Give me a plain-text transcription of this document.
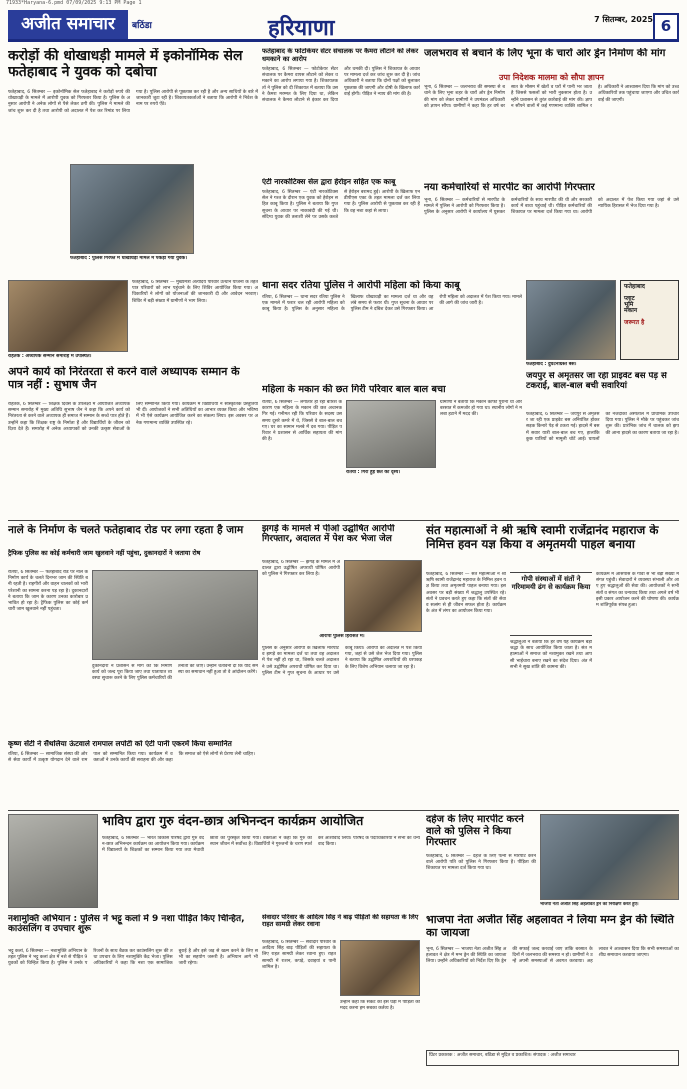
71933*Haryana-6.pmd 07/09/2025 9:13 PM Page 1
अजीत समाचार	बठिंडा	हरियाणा	7 सितम्बर, 2025 6
करोड़ों की धोखाधड़ी मामले में इकोनॉमिक सेल फतेहाबाद ने युवक को दबोचा
फतेहाबाद, 6 सितम्बर — इकोनॉमिक सेल फतेहाबाद ने करोड़ों रुपये की धोखाधड़ी के मामले में आरोपी युवक को गिरफ्तार किया है। पुलिस के अनुसार आरोपी ने अनेक लोगों से पैसे लेकर ठगी की। पुलिस ने मामले की जांच शुरू कर दी है तथा आरोपी को अदालत में पेश कर रिमांड पर लिया गया है। पुलिस आरोपी से पूछताछ कर रही है और अन्य साथियों के बारे में जानकारी जुटा रही है। शिकायतकर्ताओं ने बताया कि आरोपी ने निवेश के नाम पर रुपये ऐंठे।
फतेहाबाद : पुलिस गिरफ्त में धोखाधड़ी मामले में पकड़ा गया युवक।
फतेहाबाद के फोटोकेयर सेंटर संचालक पर कैमरा लौटाने को लेकर धमकाने का आरोप
फतेहाबाद, 6 सितम्बर — फोटोकेयर सेंटर संचालक पर कैमरा वापस लौटाने को लेकर धमकाने का आरोप लगाया गया है। शिकायतकर्ता ने पुलिस को दी शिकायत में बताया कि उसने कैमरा मरम्मत के लिए दिया था, लेकिन संचालक ने कैमरा लौटाने से इंकार कर दिया और धमकी दी। पुलिस ने शिकायत के आधार पर मामला दर्ज कर जांच शुरू कर दी है। जांच अधिकारी ने बताया कि दोनों पक्षों को बुलाकर पूछताछ की जाएगी और दोषी के खिलाफ कार्रवाई होगी। पीड़ित ने न्याय की मांग की है।
एंटी नारकोटिक्स सेल द्वारा हेरोइन सहित एक काबू
फतेहाबाद, 6 सितम्बर — एंटी नारकोटिक्स सेल ने गश्त के दौरान एक युवक को हेरोइन सहित काबू किया है। पुलिस ने बताया कि गुप्त सूचना के आधार पर नाकाबंदी की गई थी। संदिग्ध युवक की तलाशी लेने पर उसके कब्जे से हेरोइन बरामद हुई। आरोपी के खिलाफ एनडीपीएस एक्ट के तहत मामला दर्ज कर लिया गया है। पुलिस आरोपी से पूछताछ कर रही है कि वह नशा कहां से लाया।
जलभराव से बचाने के लिए भूना के चारों ओर ड्रेन निर्माण की मांग
उपा निदेशक मालमा को सौपा ज्ञापन
भूना, 6 सितम्बर — जलभराव की समस्या से बचाने के लिए भूना शहर के चारों ओर ड्रेन निर्माण की मांग को लेकर ग्रामीणों ने उपमंडल अधिकारी को ज्ञापन सौंपा। ग्रामीणों ने कहा कि हर वर्ष बरसात के मौसम में खेतों व घरों में पानी भर जाता है जिससे फसलों को भारी नुकसान होता है। उन्होंने प्रशासन से तुरंत कार्रवाई की मांग की। ज्ञापन सौंपने वालों में कई गणमान्य व्यक्ति शामिल रहे। अधिकारी ने आश्वासन दिया कि मांग को उच्च अधिकारियों तक पहुंचाया जाएगा और उचित कार्रवाई की जाएगी।
नया कर्मचारियों से मारपीट का आरोपी गिरफ्तार
भूना, 6 सितम्बर — कर्मचारियों से मारपीट के मामले में पुलिस ने आरोपी को गिरफ्तार किया है। पुलिस के अनुसार आरोपी ने कार्यालय में घुसकर कर्मचारियों के साथ मारपीट की थी और सरकारी कार्य में बाधा पहुंचाई थी। पीड़ित कर्मचारियों की शिकायत पर मामला दर्ज किया गया था। आरोपी को अदालत में पेश किया गया जहां से उसे न्यायिक हिरासत में भेज दिया गया है।
रोहतक : अध्यापक सम्मान समारोह में उपस्थित।
अपने कार्य को निरंतरता से करने वाले अध्यापक सम्मान के पात्र नहीं : सुभाष जैन
रोहतक, 6 सितम्बर — शिक्षक दिवस के उपलक्ष्य में आयोजित अध्यापक सम्मान समारोह में मुख्य अतिथि सुभाष जैन ने कहा कि अपने कार्य को निरंतरता से करने वाले अध्यापक ही समाज में सम्मान के सच्चे पात्र होते हैं। उन्होंने कहा कि शिक्षक राष्ट्र के निर्माता हैं और विद्यार्थियों के जीवन को दिशा देते हैं। समारोह में अनेक अध्यापकों को उनकी उत्कृष्ट सेवाओं के लिए सम्मानित किया गया। कार्यक्रम में विद्यार्थियों ने सांस्कृतिक प्रस्तुतियां भी दीं। आयोजकों ने सभी अतिथियों का आभार व्यक्त किया और भविष्य में भी ऐसे कार्यक्रम आयोजित करने का संकल्प लिया। इस अवसर पर अनेक गणमान्य व्यक्ति उपस्थित रहे।
फतेहाबाद, 6 सितम्बर — मुख्यमंत्री अंत्योदय परिवार उत्थान योजना के तहत पात्र परिवारों को लाभ पहुंचाने के लिए शिविर आयोजित किया गया। अधिकारियों ने लोगों को योजनाओं की जानकारी दी और आवेदन भरवाए। शिविर में बड़ी संख्या में ग्रामीणों ने भाग लिया।
थाना सदर रतिया पुलिस ने आरोपी महिला को किया काबू
रतिया, 6 सितम्बर — थाना सदर रतिया पुलिस ने एक मामले में फरार चल रही आरोपी महिला को काबू किया है। पुलिस के अनुसार महिला के खिलाफ धोखाधड़ी का मामला दर्ज था और वह लंबे समय से फरार थी। गुप्त सूचना के आधार पर पुलिस टीम ने दबिश देकर उसे गिरफ्तार किया। आरोपी महिला को अदालत में पेश किया गया। मामले की आगे की जांच जारी है।
महिला के मकान की छत गिरी परिवार बाल बाल बचा
रतिया, 6 सितम्बर — लगातार हो रही बारिश के कारण एक महिला के मकान की छत अचानक गिर गई। गनीमत रही कि परिवार के सदस्य उस समय दूसरे कमरे में थे, जिससे वे बाल-बाल बच गए। घर का सामान मलबे में दब गया। पीड़ित परिवार ने प्रशासन से आर्थिक सहायता की मांग की है।
रतिया : गिरी हुई छत का दृश्य।
ग्रामीणों ने बताया कि मकान काफी पुराना था और बरसात में कमजोर हो गया था। स्थानीय लोगों ने मलबा हटाने में मदद की।
फतेहाबाद
प्लाट
भूमि
मकान
जरूरत है
फतेहाबाद : दुर्घटनाग्रस्त बस।
जयपुर से अमृतसर जा रही प्राइवेट बस पेड़ से टकराई, बाल-बाल बची सवारियां
फतेहाबाद, 6 सितम्बर — जयपुर से अमृतसर जा रही एक प्राइवेट बस अनियंत्रित होकर सड़क किनारे पेड़ से टकरा गई। हादसे में बस में सवार यात्री बाल-बाल बच गए, हालांकि कुछ यात्रियों को मामूली चोटें आईं। घायलों को नजदीकी अस्पताल में प्राथमिक उपचार दिया गया। पुलिस ने मौके पर पहुंचकर जांच शुरू की। प्रारंभिक जांच में चालक को झपकी आना हादसे का कारण बताया जा रहा है।
नाले के निर्माण के चलते फतेहाबाद रोड पर लगा रहता है जाम
ट्रैफिक पुलिस का कोई कर्मचारी जाम खुलवाने नहीं पहुंचा, दुकानदारों ने जताया रोष
रतिया, 6 सितम्बर — फतेहाबाद रोड पर नाले के निर्माण कार्य के चलते दिनभर जाम की स्थिति बनी रहती है। राहगीरों और वाहन चालकों को भारी परेशानी का सामना करना पड़ रहा है। दुकानदारों ने बताया कि जाम के कारण उनका कारोबार प्रभावित हो रहा है। ट्रैफिक पुलिस का कोई कर्मचारी जाम खुलवाने नहीं पहुंचता।
दुकानदारों ने प्रशासन से मांग की कि निर्माण कार्य को जल्द पूरा किया जाए तथा यातायात व्यवस्था सुचारू करने के लिए पुलिस कर्मचारियों की तैनाती की जाए। उन्होंने चेतावनी दी कि यदि समस्या का समाधान नहीं हुआ तो वे आंदोलन करेंगे।
कृष्ण सेंटी ने सैंथलिया ऊंटवाले रामपाल लपोटी को एंटी पानी एकरमें किया सम्मानित
रतिया, 6 सितम्बर — सामाजिक संस्था की ओर से सेवा कार्यों में उत्कृष्ट योगदान देने वाले रामपाल को सम्मानित किया गया। कार्यक्रम में वक्ताओं ने उनके कार्यों की सराहना की और कहा कि समाज को ऐसे लोगों से प्रेरणा लेनी चाहिए।
झगड़े के मामले में पीओ उद्घोषित आरोपी गिरफ्तार, अदालत में पेश कर भेजा जेल
फतेहाबाद, 6 सितम्बर — झगड़े के मामले में अदालत द्वारा उद्घोषित अपराधी घोषित आरोपी को पुलिस ने गिरफ्तार कर लिया है।
आरोपी पुलिस हिरासत में।
पुलिस के अनुसार आरोपी के खिलाफ मारपीट व झगड़े का मामला दर्ज था तथा वह अदालत में पेश नहीं हो रहा था, जिसके चलते अदालत ने उसे उद्घोषित अपराधी घोषित कर दिया था। पुलिस टीम ने गुप्त सूचना के आधार पर उसे काबू किया। आरोपी को अदालत में पेश किया गया, जहां से उसे जेल भेज दिया गया। पुलिस ने बताया कि उद्घोषित अपराधियों की धरपकड़ के लिए विशेष अभियान चलाया जा रहा है।
संत महात्माओं ने श्री ऋषि स्वामी राजेंद्रानंद महाराज के निमित्त हवन यज्ञ किया व अमृतमयी पाहल बनाया
फतेहाबाद, 6 सितम्बर — संत महात्माओं ने श्री ऋषि स्वामी राजेंद्रानंद महाराज के निमित्त हवन यज्ञ किया तथा अमृतमयी पाहल बनाया गया। इस अवसर पर बड़ी संख्या में श्रद्धालु उपस्थित रहे। संतों ने प्रवचन करते हुए कहा कि संतों की सेवा व सत्संग से ही जीवन सफल होता है। कार्यक्रम के अंत में लंगर का आयोजन किया गया।
गोपी संस्थाओं में संतों ने गरिमामयी ढंग से कार्यक्रम किया
श्रद्धालुओं ने बताया कि हर वर्ष यह कार्यक्रम बड़ी श्रद्धा के साथ आयोजित किया जाता है। संत महात्माओं ने समाज को नशामुक्त रखने तथा आपसी भाईचारा बनाए रखने का संदेश दिया। अंत में सभी ने सुख शांति की कामना की।
कार्यक्रम में आसपास के गांवों से भी बड़ी संख्या में संगत पहुंची। सेवादारों ने व्यवस्था संभाली और आए हुए श्रद्धालुओं की सेवा की। आयोजकों ने सभी संतों व संगत का धन्यवाद किया तथा अगले वर्ष भी इसी प्रकार आयोजन करने की घोषणा की। कार्यक्रम शांतिपूर्वक संपन्न हुआ।
भाविप द्वारा गुरु वंदन-छात्र अभिनन्दन कार्यक्रम आयोजित
फतेहाबाद, 6 सितम्बर — भारत विकास परिषद द्वारा गुरु वंदन-छात्र अभिनन्दन कार्यक्रम का आयोजन किया गया। कार्यक्रम में विद्यालयों के शिक्षकों का सम्मान किया गया तथा मेधावी छात्रों को पुरस्कृत किया गया। वक्ताओं ने कहा कि गुरु का स्थान जीवन में सर्वोच्च है। विद्यार्थियों ने गुरुजनों के चरण स्पर्श कर आशीर्वाद लिया। परिषद के पदाधिकारियों ने सभी का धन्यवाद किया।
नशामुक्ति अभियान : पुलिस ने भट्टू कलां में 9 नशा पीड़ित किए चिन्हित, काउंसलिंग व उपचार शुरू
भट्टू कलां, 6 सितम्बर — नशामुक्ति अभियान के तहत पुलिस ने भट्टू कलां क्षेत्र में नशे से पीड़ित 9 युवकों को चिन्हित किया है। पुलिस ने उनके परिजनों के साथ बैठक कर काउंसलिंग शुरू की तथा उपचार के लिए नशामुक्ति केंद्र भेजा। पुलिस अधिकारियों ने कहा कि नशा एक सामाजिक बुराई है और इसे जड़ से खत्म करने के लिए सभी का सहयोग जरूरी है। अभियान आगे भी जारी रहेगा।
सेवादार परिवार के आदित्य सिंह ने बाढ़ पीड़ितों की सहायता के लिए राहत सामग्री लेकर रवाना
फतेहाबाद, 6 सितम्बर — सेवादार परिवार के आदित्य सिंह बाढ़ पीड़ितों की सहायता के लिए राहत सामग्री लेकर रवाना हुए। राहत सामग्री में राशन, कपड़े, दवाइयां व पानी शामिल है।
उन्होंने कहा कि संकट की इस घड़ी में पीड़ितों की मदद करना हम सबका कर्तव्य है।
दहेज के लिए मारपीट करने वाले को पुलिस ने किया गिरफ्तार
फतेहाबाद, 6 सितम्बर — दहेज के लिए पत्नी से मारपीट करने वाले आरोपी पति को पुलिस ने गिरफ्तार किया है। पीड़िता की शिकायत पर मामला दर्ज किया गया था।
भाजपा नेता अजीत सिंह अहलावत ड्रेन का निरीक्षण करते हुए।
भाजपा नेता अजीत सिंह अहलावत ने लिया मग्न ड्रेन की स्थिति का जायजा
भूना, 6 सितम्बर — भाजपा नेता अजीत सिंह अहलावत ने क्षेत्र में मग्न ड्रेन की स्थिति का जायजा लिया। उन्होंने अधिकारियों को निर्देश दिए कि ड्रेन की सफाई जल्द करवाई जाए ताकि बरसात के दिनों में जलभराव की समस्या न हो। ग्रामीणों ने उन्हें अपनी समस्याओं से अवगत करवाया। अहलावत ने आश्वासन दिया कि सभी समस्याओं का शीघ्र समाधान करवाया जाएगा।
प्रिंटर प्रकाशक : अजीत समाचार, बठिंडा से मुद्रित व प्रकाशित। संपादक : अजीत समाचार
